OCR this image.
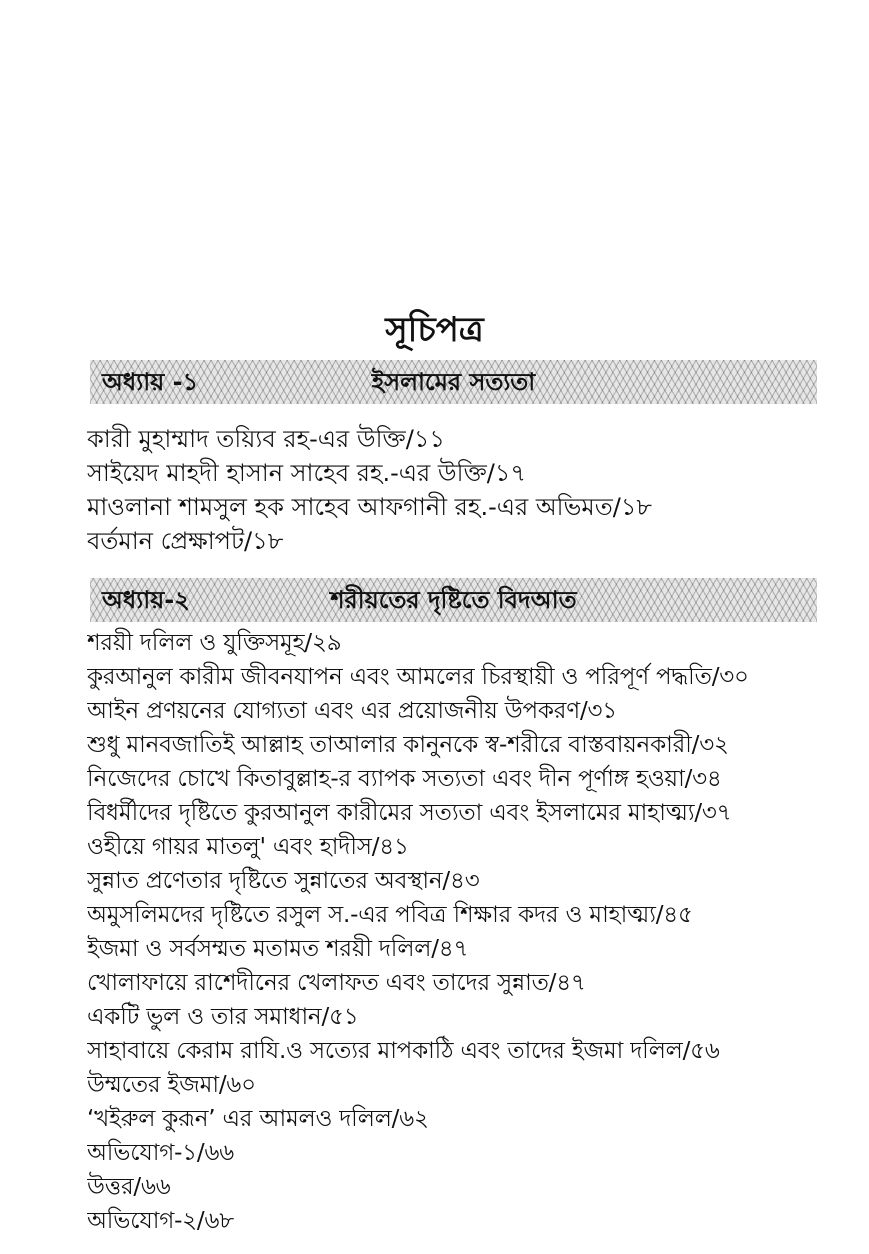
সূচিপত্র
অধ্যায় -১	ইসলামের সত্যতা
কারী মুহাম্মাদ তয়্যিব রহ-এর উক্তি/১১
সাইয়েদ মাহদী হাসান সাহেব রহ.-এর উক্তি/১৭
মাওলানা শামসুল হক সাহেব আফগানী রহ.-এর অভিমত/১৮
বর্তমান প্রেক্ষাপট/১৮
অধ্যায়-২	শরীয়তের দৃষ্টিতে বিদআত
শরয়ী দলিল ও যুক্তিসমূহ/২৯
কুরআনুল কারীম জীবনযাপন এবং আমলের চিরস্থায়ী ও পরিপূর্ণ পদ্ধতি/৩০
আইন প্রণয়নের যোগ্যতা এবং এর প্রয়োজনীয় উপকরণ/৩১
শুধু মানবজাতিই আল্লাহ তাআলার কানুনকে স্ব-শরীরে বাস্তবায়নকারী/৩২
নিজেদের চোখে কিতাবুল্লাহ-র ব্যাপক সত্যতা এবং দীন পূর্ণাঙ্গ হওয়া/৩৪
বিধর্মীদের দৃষ্টিতে কুরআনুল কারীমের সত্যতা এবং ইসলামের মাহাত্ম্য/৩৭
ওহীয়ে গায়র মাতলু' এবং হাদীস/৪১
সুন্নাত প্রণেতার দৃষ্টিতে সুন্নাতের অবস্থান/৪৩
অমুসলিমদের দৃষ্টিতে রসুল স.-এর পবিত্র শিক্ষার কদর ও মাহাত্ম্য/৪৫
ইজমা ও সর্বসম্মত মতামত শরয়ী দলিল/৪৭
খোলাফায়ে রাশেদীনের খেলাফত এবং তাদের সুন্নাত/৪৭
একটি ভুল ও তার সমাধান/৫১
সাহাবায়ে কেরাম রাযি.ও সত্যের মাপকাঠি এবং তাদের ইজমা দলিল/৫৬
উম্মতের ইজমা/৬০
‘খইরুল কুরূন’ এর আমলও দলিল/৬২
অভিযোগ-১/৬৬
উত্তর/৬৬
অভিযোগ-২/৬৮
